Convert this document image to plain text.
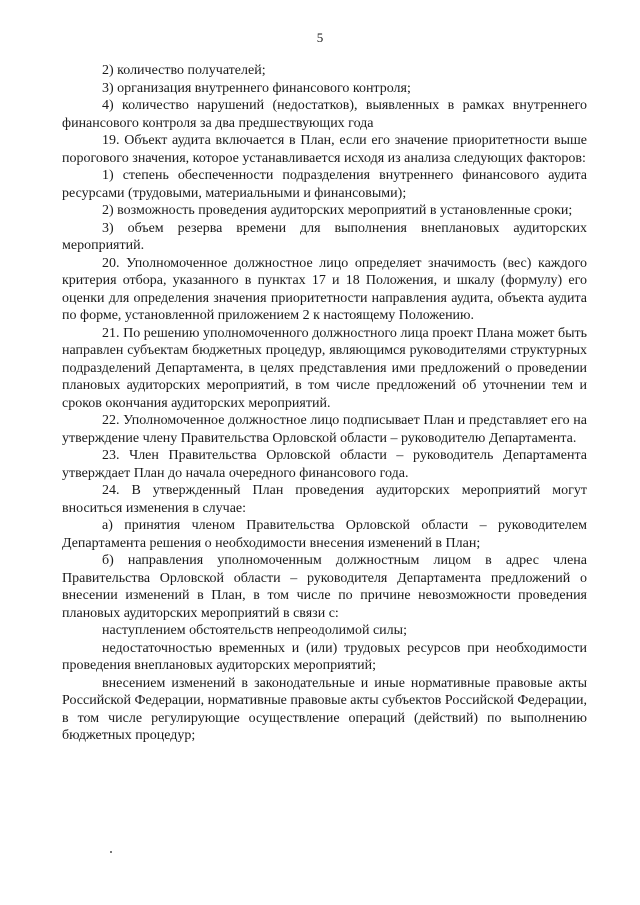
5

2) количество получателей;

3) организация внутреннего финансового контроля;

4) количество нарушений (недостатков), выявленных в рамках внутреннего финансового контроля за два предшествующих года

19. Объект аудита включается в План, если его значение приоритетности выше порогового значения, которое устанавливается исходя из анализа следующих факторов:

1) степень обеспеченности подразделения внутреннего финансового аудита ресурсами (трудовыми, материальными и финансовыми);

2) возможность проведения аудиторских мероприятий в установленные сроки;

3) объем резерва времени для выполнения внеплановых аудиторских мероприятий.

20. Уполномоченное должностное лицо определяет значимость (вес) каждого критерия отбора, указанного в пунктах 17 и 18 Положения, и шкалу (формулу) его оценки для определения значения приоритетности направления аудита, объекта аудита по форме, установленной приложением 2 к настоящему Положению.

21. По решению уполномоченного должностного лица проект Плана может быть направлен субъектам бюджетных процедур, являющимся руководителями структурных подразделений Департамента, в целях представления ими предложений о проведении плановых аудиторских мероприятий, в том числе предложений об уточнении тем и сроков окончания аудиторских мероприятий.

22. Уполномоченное должностное лицо подписывает План и представляет его на утверждение члену Правительства Орловской области – руководителю Департамента.

23. Член Правительства Орловской области – руководитель Департамента утверждает План до начала очередного финансового года.

24. В утвержденный План проведения аудиторских мероприятий могут вноситься изменения в случае:

а) принятия членом Правительства Орловской области – руководителем Департамента решения о необходимости внесения изменений в План;

б) направления уполномоченным должностным лицом в адрес члена Правительства Орловской области – руководителя Департамента предложений о внесении изменений в План, в том числе по причине невозможности проведения плановых аудиторских мероприятий в связи с:

наступлением обстоятельств непреодолимой силы;

недостаточностью временных и (или) трудовых ресурсов при необходимости проведения внеплановых аудиторских мероприятий;

внесением изменений в законодательные и иные нормативные правовые акты Российской Федерации, нормативные правовые акты субъектов Российской Федерации, в том числе регулирующие осуществление операций (действий) по выполнению бюджетных процедур;
